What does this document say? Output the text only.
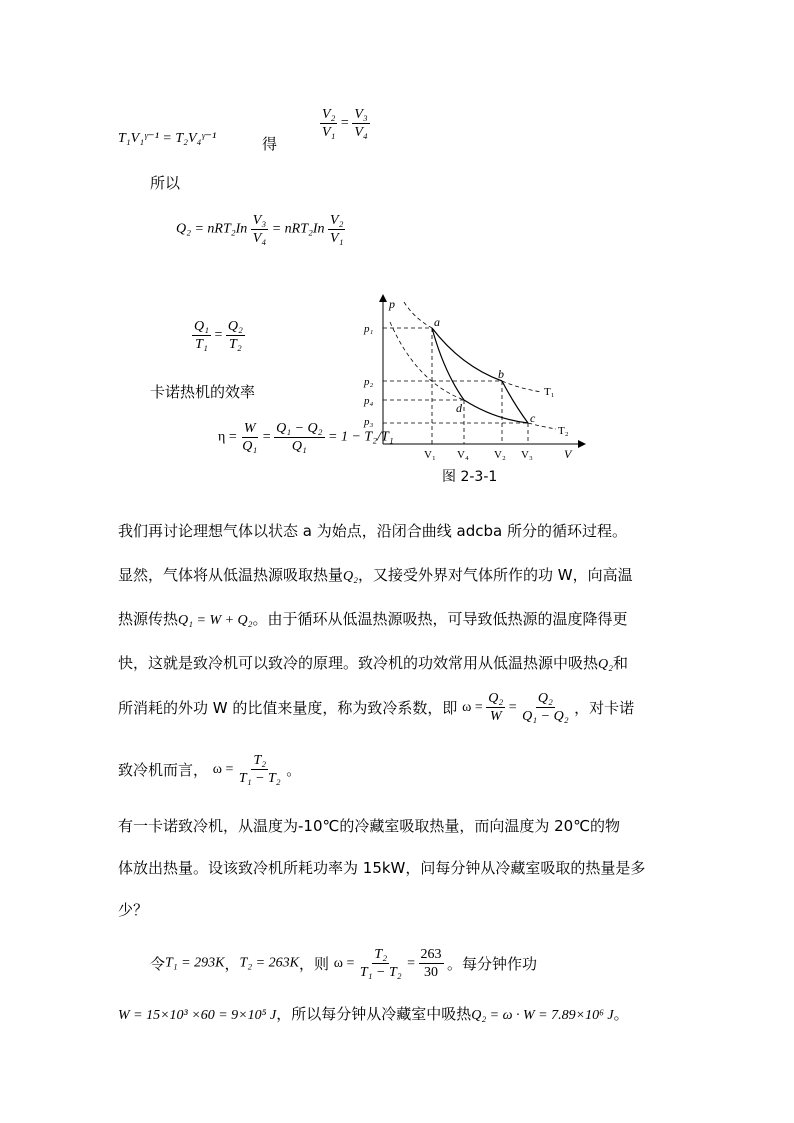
T₁V₁ᵞ⁻¹ = T₂V₄ᵞ⁻¹	得
$\frac{\text{V₂}}{\text{V₁}} = \frac{\text{V₃}}{\text{V₄}}$
所以
$Q_2 = nRT_2In \frac{\text{V₃}}{\text{V₄}} = nRT_2In \frac{\text{V₂}}{\text{V₁}}$
$\frac{\text{Q₁}}{\text{T₁}} = \frac{\text{Q₂}}{\text{T₂}}$
卡诺热机的效率
$\eta = \frac{W}{\text{Q₁}} = \frac{\text{Q₁ − Q₂}}{\text{Q₁}} = 1 - T_2/T_1$
p
V
a
b
c
d
p₁
p₂
p₄
p₃
V₁ V₄ V₂ V₃
T₁
T₂
图 2-3-1
我们再讨论理想气体以状态 a 为始点，沿闭合曲线 adcba 所分的循环过程。
显然，气体将从低温热源吸取热量Q₂，又接受外界对气体所作的功 W，向高温
热源传热Q₁ = W + Q₂。由于循环从低温热源吸热，可导致低热源的温度降得更
快，这就是致冷机可以致冷的原理。致冷机的功效常用从低温热源中吸热Q₂和
所消耗的外功 W 的比值来量度，称为致冷系数，即 $\omega = \frac{\text{Q₂}}{W} = \frac{\text{Q₂}}{\text{Q₁ − Q₂}}$ ，对卡诺
致冷机而言， $\omega = \frac{\text{T₂}}{\text{T₁ − T₂}}$ 。
有一卡诺致冷机，从温度为-10℃的冷藏室吸取热量，而向温度为 20℃的物
体放出热量。设该致冷机所耗功率为 15kW，问每分钟从冷藏室吸取的热量是多
少？
令T₁ = 293K，T₂ = 263K，则 $\omega = \frac{\text{T₂}}{\text{T₁ − T₂}} = \frac{263}{30}$ 。每分钟作功
W = 15×10³ ×60 = 9×10⁵ J，所以每分钟从冷藏室中吸热Q₂ = ω · W = 7.89×10⁶ J。
